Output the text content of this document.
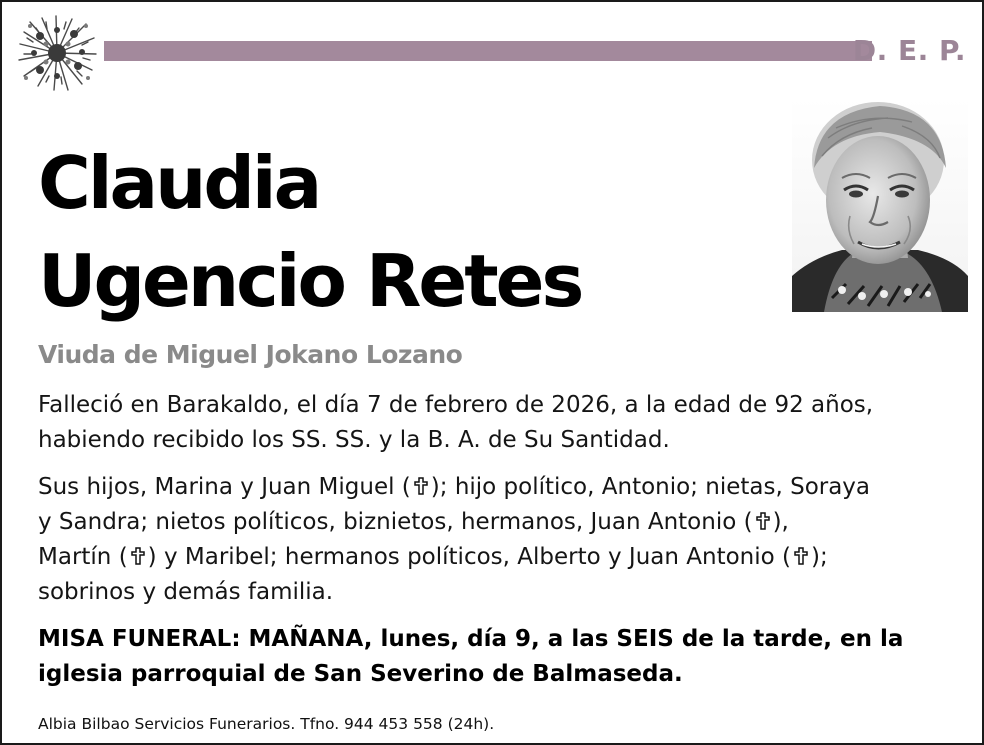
D. E. P.
Claudia
Ugencio Retes
Viuda de Miguel Jokano Lozano

Falleció en Barakaldo, el día 7 de febrero de 2026, a la edad de 92 años,
habiendo recibido los SS. SS. y la B. A. de Su Santidad.

Sus hijos, Marina y Juan Miguel ( ); hijo político, Antonio; nietas, Soraya
y Sandra; nietos políticos, biznietos, hermanos, Juan Antonio ( ),
Martín ( ) y Maribel; hermanos políticos, Alberto y Juan Antonio ( );
sobrinos y demás familia.

MISA FUNERAL: MAÑANA, lunes, día 9, a las SEIS de la tarde, en la
iglesia parroquial de San Severino de Balmaseda.

Albia Bilbao Servicios Funerarios. Tfno. 944 453 558 (24h).
